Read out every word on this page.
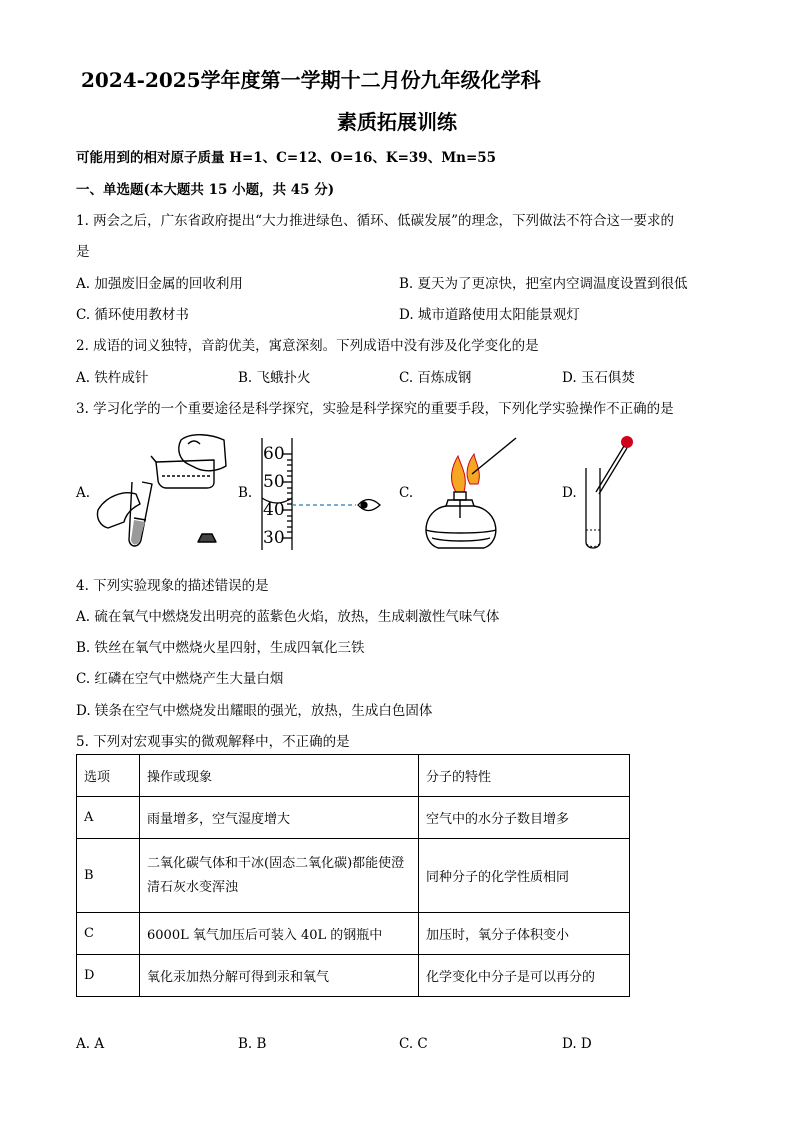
2024-2025学年度第一学期十二月份九年级化学科
素质拓展训练
可能用到的相对原子质量 H=1、C=12、O=16、K=39、Mn=55
一、单选题(本大题共 15 小题，共 45 分)
1. 两会之后，广东省政府提出“大力推进绿色、循环、低碳发展”的理念，下列做法不符合这一要求的
是
A. 加强废旧金属的回收利用	B. 夏天为了更凉快，把室内空调温度设置到很低
C. 循环使用教材书	D. 城市道路使用太阳能景观灯
2. 成语的词义独特，音韵优美，寓意深刻。下列成语中没有涉及化学变化的是
A. 铁杵成针	B. 飞蛾扑火	C. 百炼成钢	D. 玉石俱焚
3. 学习化学的一个重要途径是科学探究，实验是科学探究的重要手段，下列化学实验操作不正确的是
A.	B.	C.	D.
60
50
40
30
4. 下列实验现象的描述错误的是
A. 硫在氧气中燃烧发出明亮的蓝紫色火焰，放热，生成刺激性气味气体
B. 铁丝在氧气中燃烧火星四射，生成四氧化三铁
C. 红磷在空气中燃烧产生大量白烟
D. 镁条在空气中燃烧发出耀眼的强光，放热，生成白色固体
5. 下列对宏观事实的微观解释中，不正确的是
选项	操作或现象	分子的特性
A	雨量增多，空气湿度增大	空气中的水分子数目增多
B	二氧化碳气体和干冰(固态二氧化碳)都能使澄清石灰水变浑浊	同种分子的化学性质相同
C	6000L 氧气加压后可装入 40L 的钢瓶中	加压时，氧分子体积变小
D	氧化汞加热分解可得到汞和氧气	化学变化中分子是可以再分的
A. A	B. B	C. C	D. D
